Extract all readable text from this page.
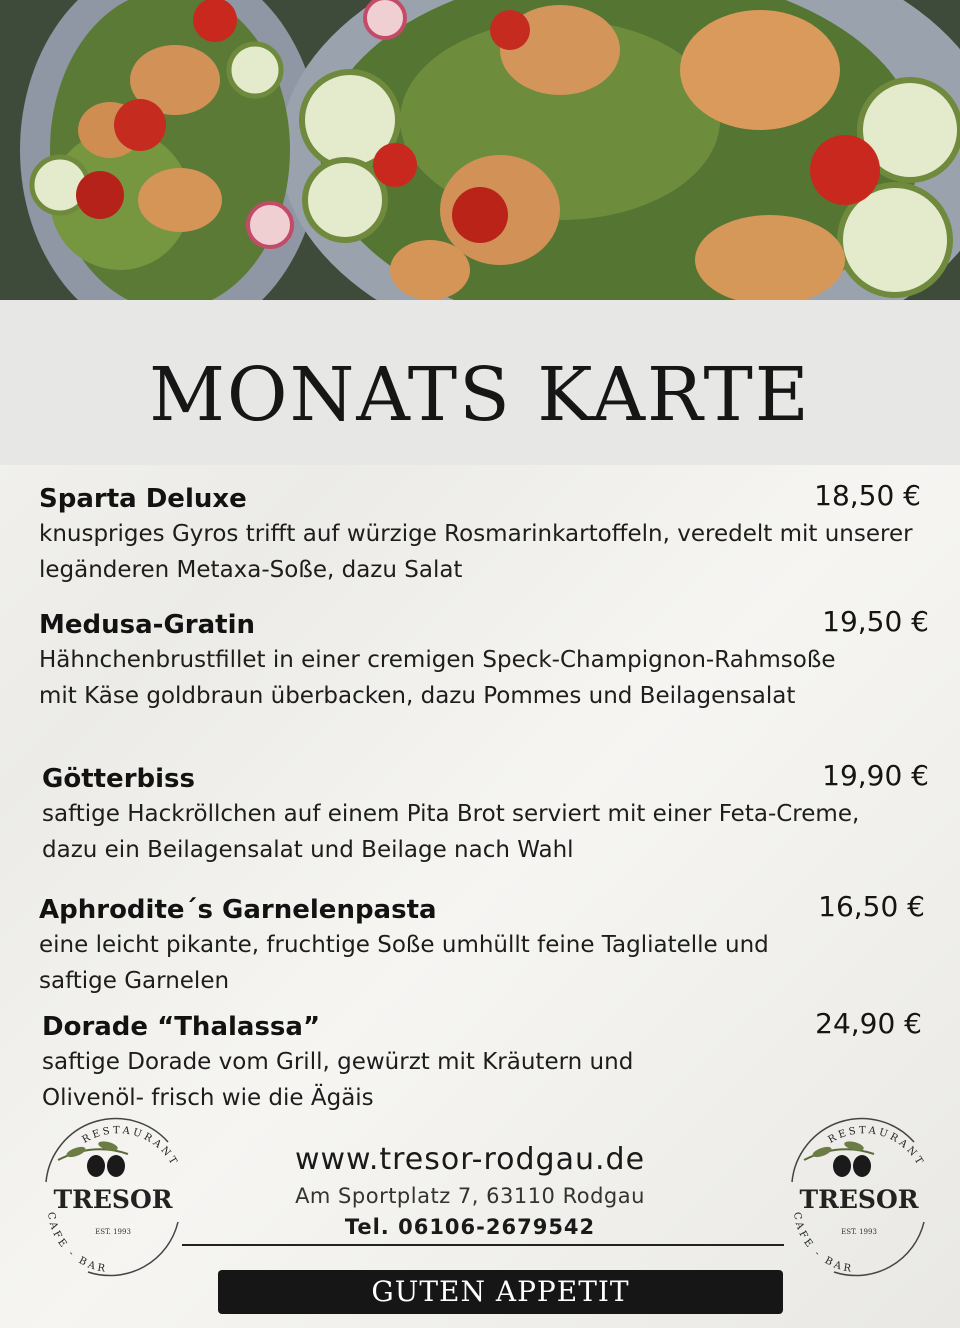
MONATS KARTE
Sparta Deluxe	18,50 €
knuspriges Gyros trifft auf würzige Rosmarinkartoffeln, veredelt mit unserer legänderen Metaxa-Soße, dazu Salat
Medusa-Gratin	19,50 €
Hähnchenbrustfillet in einer cremigen Speck-Champignon-Rahmsoße mit Käse goldbraun überbacken, dazu Pommes und Beilagensalat
Götterbiss	19,90 €
saftige Hackröllchen auf einem Pita Brot serviert mit einer Feta-Creme, dazu ein Beilagensalat und Beilage nach Wahl
Aphrodite´s Garnelenpasta	16,50 €
eine leicht pikante, fruchtige Soße umhüllt feine Tagliatelle und saftige Garnelen
Dorade “Thalassa”	24,90 €
saftige Dorade vom Grill, gewürzt mit Kräutern und Olivenöl- frisch wie die Ägäis
RESTAURANT
CAFE - BAR
TRESOR
EST. 1993
RESTAURANT
CAFE - BAR
TRESOR
EST. 1993
www.tresor-rodgau.de
Am Sportplatz 7, 63110 Rodgau
Tel. 06106-2679542
GUTEN APPETIT
